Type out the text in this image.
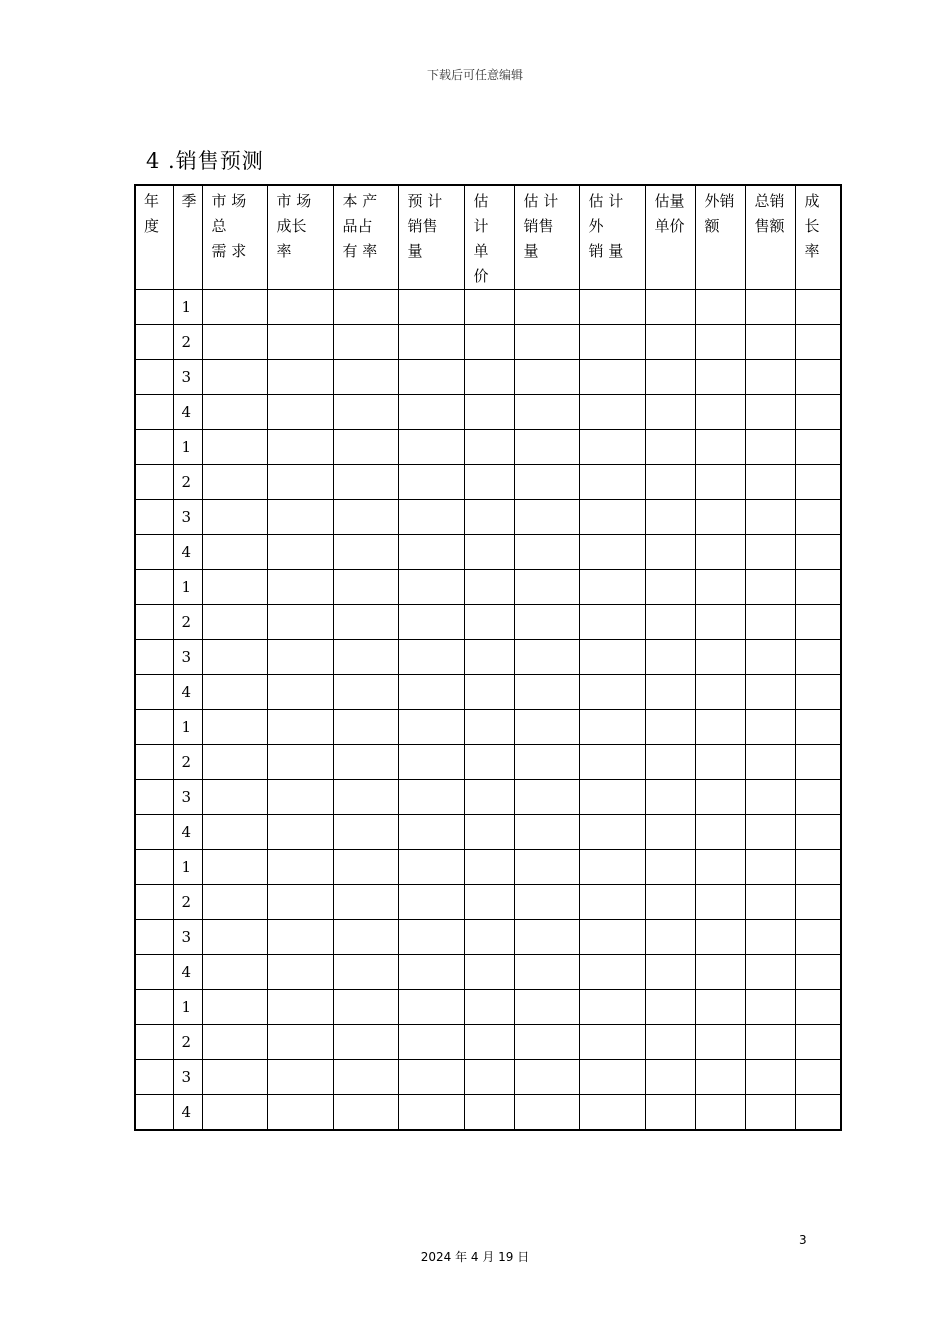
下载后可任意编辑
4 .销售预测
年
度	季	市 场
总
需 求	市 场
成长
率	本 产
品占
有 率	预 计
销售
量	估
计
单
价	估 计
销售
量	估 计
外
销 量	估量
单价	外销
额	总销
售额	成
长
率

	1											
	2											
	3											
	4											
	1											
	2											
	3											
	4											
	1											
	2											
	3											
	4											
	1											
	2											
	3											
	4											
	1											
	2											
	3											
	4											
	1											
	2											
	3											
	4											
3
2024 年 4 月 19 日
